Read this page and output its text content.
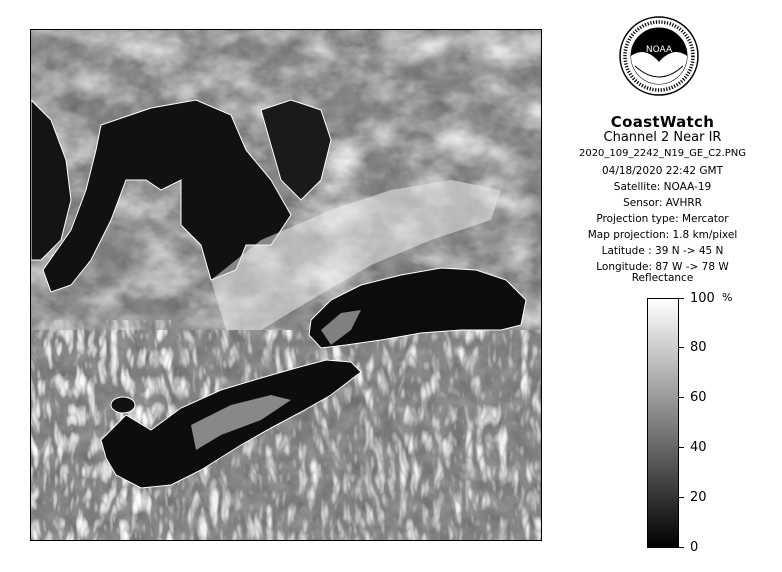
NOAA
CoastWatch
Channel 2 Near IR
2020_109_2242_N19_GE_C2.PNG
04/18/2020 22:42 GMT
Satellite: NOAA-19
Sensor: AVHRR
Projection type: Mercator
Map projection: 1.8 km/pixel
Latitude : 39 N -> 45 N
Longitude: 87 W -> 78 W
Reflectance
%
100
80
60
40
20
0
